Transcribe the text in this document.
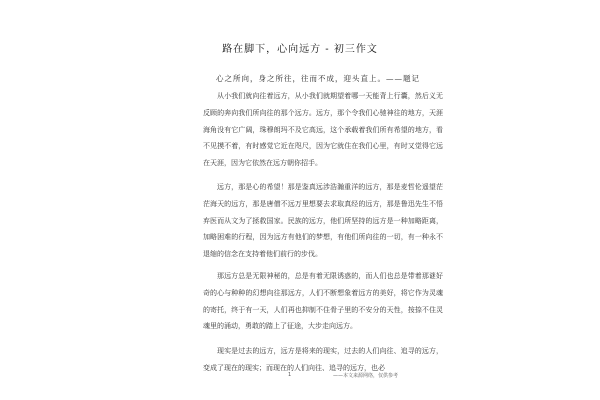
路在脚下，心向远方 - 初三作文
心之所向，身之所往，往而不成，迎头直上。——题记

从小我们就向往着远方，从小我们就期望着哪一天能背上行囊，然后义无反顾的奔向我们所向往的那个远方。远方，那个令我们心驰神往的地方，天涯海角没有它广阔，珠穆朗玛不及它高远，这个承载着我们所有希望的地方，看不见摸不着，有时感觉它近在咫尺，因为它就住在我们心里，有时又觉得它远在天涯，因为它依然在远方朝你招手。

远方，那是心的希望！那是鉴真远涉浩瀚重洋的远方，那是麦哲伦遥望茫茫海天的远方，那是唐僧不远万里想要去求取真经的远方，那是鲁迅先生不悟弃医而从文为了拯救国家。民族的远方，他们所坚持的远方是一种加略距离，加略困难的行程，因为远方有他们的梦想，有他们所向往的一切，有一种永不退缩的信念在支持着他们前行的步伐。

那远方总是无限神秘的，总是有着无限诱惑的，而人们也总是带着那谜好奇的心与种种的幻想向往那远方，人们不断想象着远方的美好，将它作为灵魂的寄托，终于有一天，人们再也抑制不住骨子里的不安分的天性，按捺不住灵魂里的涌动，勇敢的踏上了征途，大步走向远方。

现实是过去的远方，远方是将来的现实，过去的人们向往、追寻的远方，变成了现在的现实；而现在的人们向往、追寻的远方，也必

1	——本文来源网络，仅供参考
